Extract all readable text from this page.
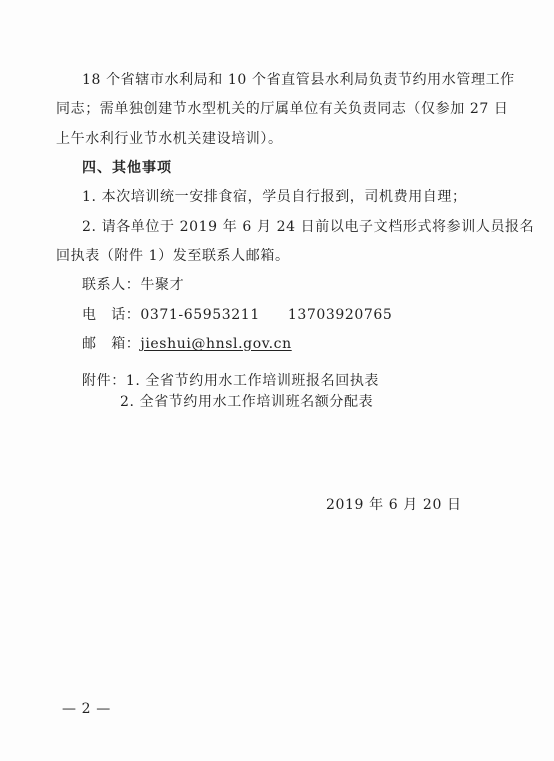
18 个省辖市水利局和 10 个省直管县水利局负责节约用水管理工作
同志；需单独创建节水型机关的厅属单位有关负责同志（仅参加 27 日
上午水利行业节水机关建设培训）。
四、其他事项
1. 本次培训统一安排食宿，学员自行报到，司机费用自理；
2. 请各单位于 2019 年 6 月 24 日前以电子文档形式将参训人员报名
回执表（附件 1）发至联系人邮箱。
联系人：牛聚才
电　话：0371-65953211 13703920765
邮　箱：jieshui@hnsl.gov.cn
附件：1. 全省节约用水工作培训班报名回执表
2. 全省节约用水工作培训班名额分配表
2019 年 6 月 20 日
— 2 —
